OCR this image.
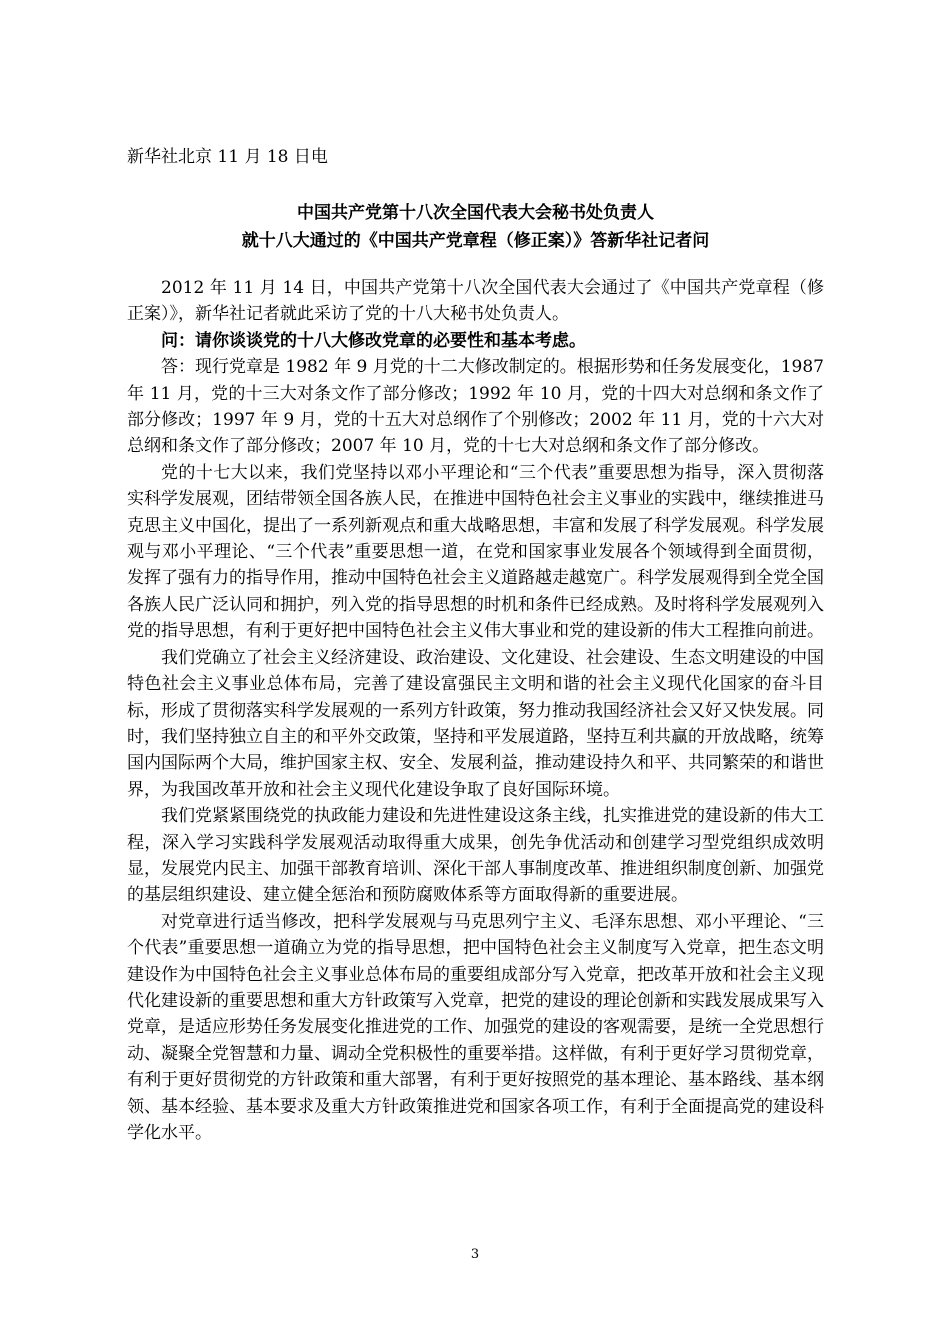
新华社北京 11 月 18 日电

中国共产党第十八次全国代表大会秘书处负责人

就十八大通过的《中国共产党章程（修正案）》答新华社记者问

2012 年 11 月 14 日，中国共产党第十八次全国代表大会通过了《中国共产党章程（修正案）》，新华社记者就此采访了党的十八大秘书处负责人。

问：请你谈谈党的十八大修改党章的必要性和基本考虑。

答：现行党章是 1982 年 9 月党的十二大修改制定的。根据形势和任务发展变化，1987 年 11 月，党的十三大对条文作了部分修改；1992 年 10 月，党的十四大对总纲和条文作了部分修改；1997 年 9 月，党的十五大对总纲作了个别修改；2002 年 11 月，党的十六大对总纲和条文作了部分修改；2007 年 10 月，党的十七大对总纲和条文作了部分修改。

党的十七大以来，我们党坚持以邓小平理论和“三个代表”重要思想为指导，深入贯彻落实科学发展观，团结带领全国各族人民，在推进中国特色社会主义事业的实践中，继续推进马克思主义中国化，提出了一系列新观点和重大战略思想，丰富和发展了科学发展观。科学发展观与邓小平理论、“三个代表”重要思想一道，在党和国家事业发展各个领域得到全面贯彻，发挥了强有力的指导作用，推动中国特色社会主义道路越走越宽广。科学发展观得到全党全国各族人民广泛认同和拥护，列入党的指导思想的时机和条件已经成熟。及时将科学发展观列入党的指导思想，有利于更好把中国特色社会主义伟大事业和党的建设新的伟大工程推向前进。

我们党确立了社会主义经济建设、政治建设、文化建设、社会建设、生态文明建设的中国特色社会主义事业总体布局，完善了建设富强民主文明和谐的社会主义现代化国家的奋斗目标，形成了贯彻落实科学发展观的一系列方针政策，努力推动我国经济社会又好又快发展。同时，我们坚持独立自主的和平外交政策，坚持和平发展道路，坚持互利共赢的开放战略，统筹国内国际两个大局，维护国家主权、安全、发展利益，推动建设持久和平、共同繁荣的和谐世界，为我国改革开放和社会主义现代化建设争取了良好国际环境。

我们党紧紧围绕党的执政能力建设和先进性建设这条主线，扎实推进党的建设新的伟大工程，深入学习实践科学发展观活动取得重大成果，创先争优活动和创建学习型党组织成效明显，发展党内民主、加强干部教育培训、深化干部人事制度改革、推进组织制度创新、加强党的基层组织建设、建立健全惩治和预防腐败体系等方面取得新的重要进展。

对党章进行适当修改，把科学发展观与马克思列宁主义、毛泽东思想、邓小平理论、“三个代表”重要思想一道确立为党的指导思想，把中国特色社会主义制度写入党章，把生态文明建设作为中国特色社会主义事业总体布局的重要组成部分写入党章，把改革开放和社会主义现代化建设新的重要思想和重大方针政策写入党章，把党的建设的理论创新和实践发展成果写入党章，是适应形势任务发展变化推进党的工作、加强党的建设的客观需要，是统一全党思想行动、凝聚全党智慧和力量、调动全党积极性的重要举措。这样做，有利于更好学习贯彻党章，有利于更好贯彻党的方针政策和重大部署，有利于更好按照党的基本理论、基本路线、基本纲领、基本经验、基本要求及重大方针政策推进党和国家各项工作，有利于全面提高党的建设科学化水平。

3
